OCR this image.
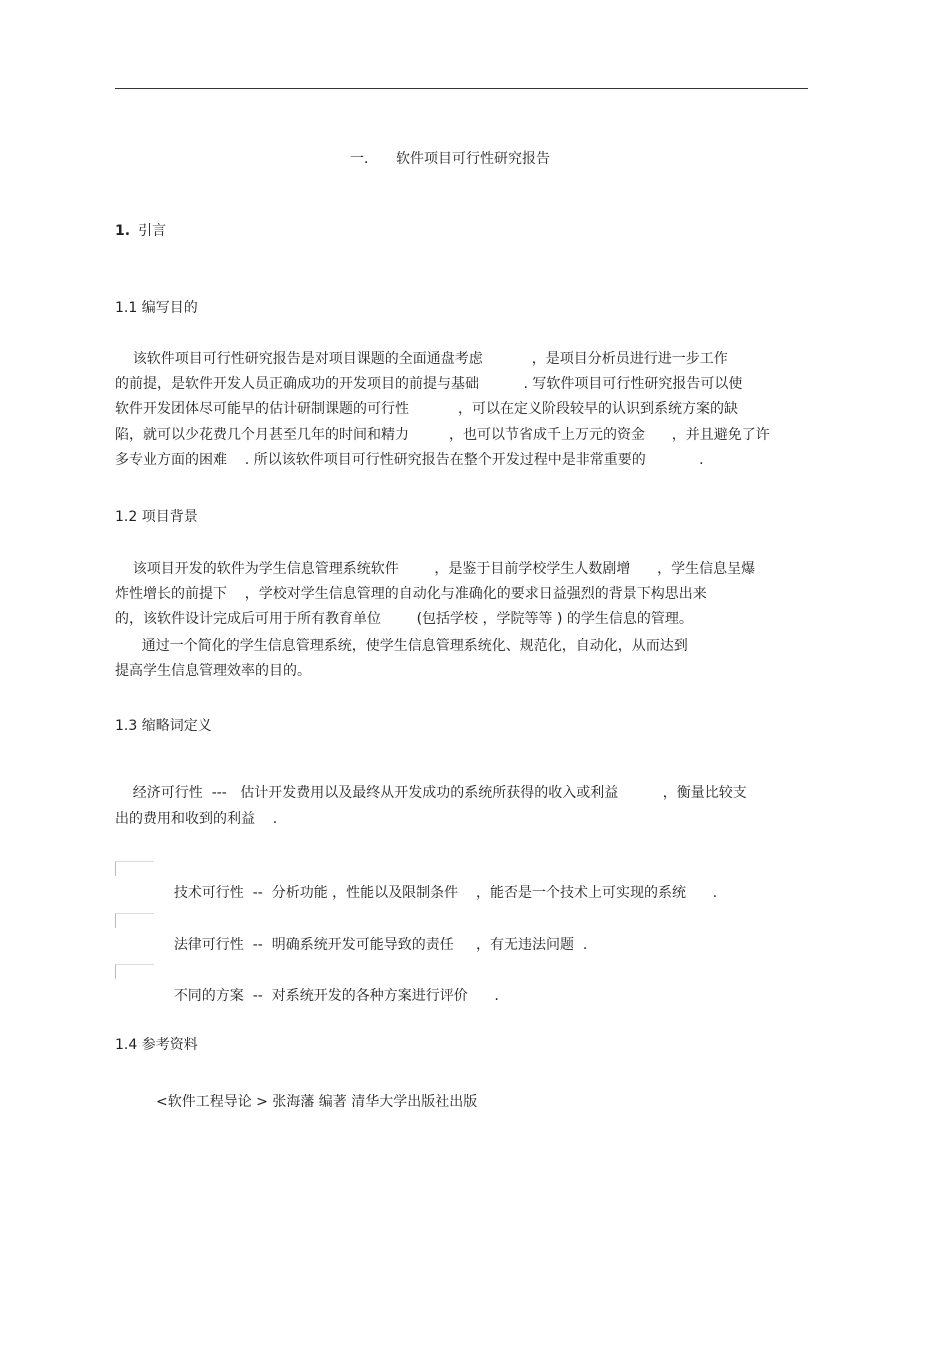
一． 软件项目可行性研究报告
1. 引言
1.1 编写目的
该软件项目可行性研究报告是对项目课题的全面通盘考虑           ，是项目分析员进行进一步工作
的前提，是软件开发人员正确成功的开发项目的前提与基础          . 写软件项目可行性研究报告可以使
软件开发团体尽可能早的估计研制课题的可行性           ，可以在定义阶段较早的认识到系统方案的缺
陷，就可以少花费几个月甚至几年的时间和精力         ，也可以节省成千上万元的资金      ，并且避免了许
多专业方面的困难    . 所以该软件项目可行性研究报告在整个开发过程中是非常重要的            .
1.2 项目背景
该项目开发的软件为学生信息管理系统软件        ，是鉴于目前学校学生人数剧增      ，学生信息呈爆
炸性增长的前提下    ，学校对学生信息管理的自动化与准确化的要求日益强烈的背景下构思出来
的，该软件设计完成后可用于所有教育单位        (包括学校 ，学院等等 ) 的学生信息的管理。
通过一个简化的学生信息管理系统，使学生信息管理系统化、规范化，自动化，从而达到
提高学生信息管理效率的目的。
1.3 缩略词定义
经济可行性  ---   估计开发费用以及最终从开发成功的系统所获得的收入或利益          ，衡量比较支
出的费用和收到的利益    .

技术可行性  --  分析功能 ，性能以及限制条件    ，能否是一个技术上可实现的系统      .

法律可行性  --  明确系统开发可能导致的责任     ，有无违法问题  .

不同的方案  --  对系统开发的各种方案进行评价      .

1.4 参考资料
<软件工程导论 > 张海藩 编著 清华大学出版社出版
